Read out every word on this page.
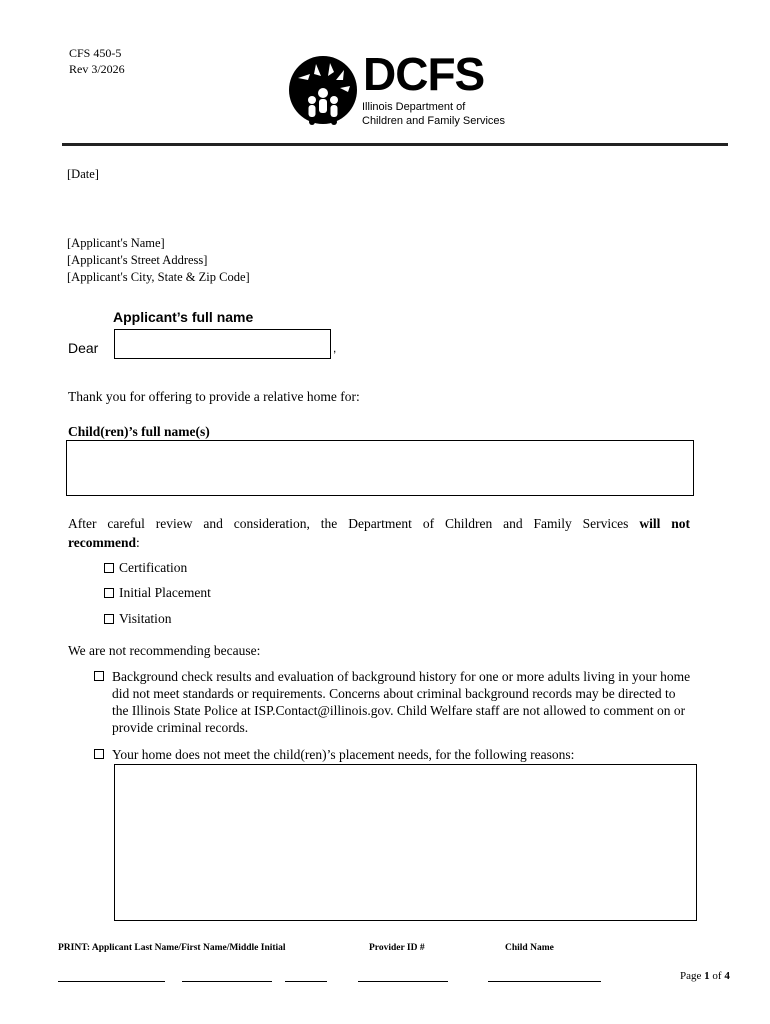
CFS 450-5
Rev 3/2026	DCFS
Illinois Department of
Children and Family Services
[Date]
[Applicant's Name]
[Applicant's Street Address]
[Applicant's City, State & Zip Code]
Applicant’s full name
Dear	,
Thank you for offering to provide a relative home for:
Child(ren)’s full name(s)
After careful review and consideration, the Department of Children and Family Services will not recommend:
Certification
Initial Placement
Visitation
We are not recommending because:
Background check results and evaluation of background history for one or more adults living in your home did not meet standards or requirements. Concerns about criminal background records may be directed to the Illinois State Police at ISP.Contact@illinois.gov. Child Welfare staff are not allowed to comment on or provide criminal records.
Your home does not meet the child(ren)’s placement needs, for the following reasons:
PRINT: Applicant Last Name/First Name/Middle Initial	Provider ID #	Child Name
Page 1 of 4
